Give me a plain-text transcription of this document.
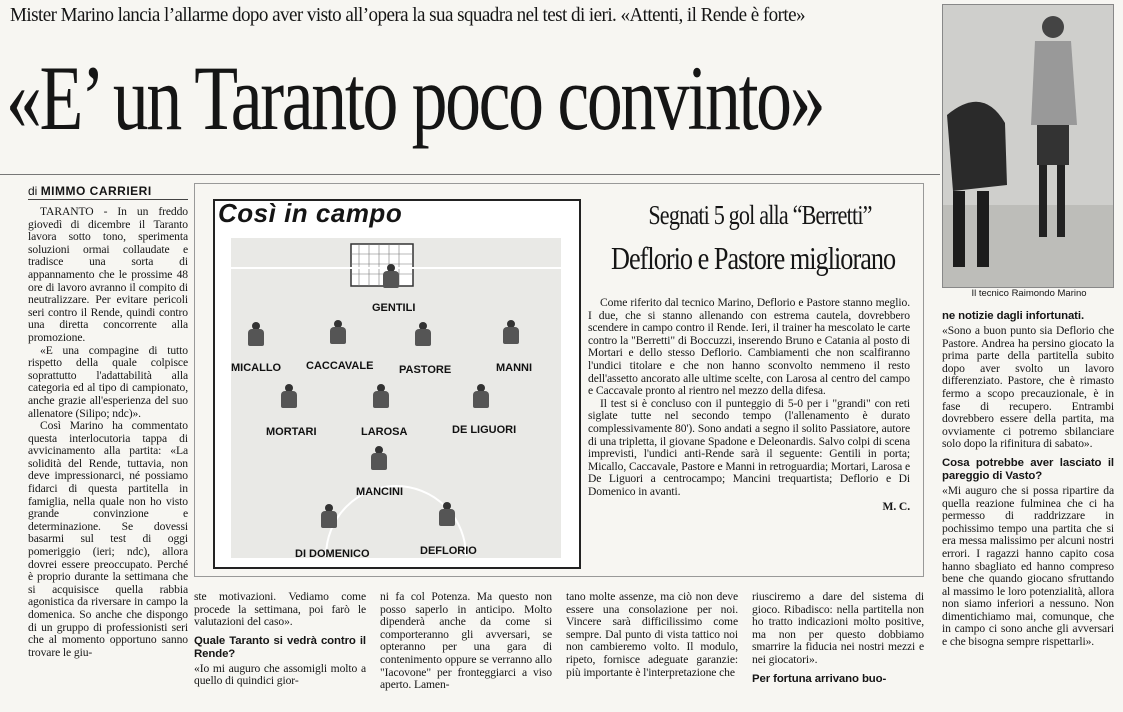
Mister Marino lancia l’allarme dopo aver visto all’opera la sua squadra nel test di ieri. «Attenti, il Rende è forte»
«E’ un Taranto poco convinto»
di MIMMO CARRIERI

TARANTO - In un freddo giovedì di dicembre il Taranto lavora sotto tono, sperimenta soluzioni ormai collaudate e tradisce una sorta di appannamento che le prossime 48 ore di lavoro avranno il compito di neutralizzare. Per evitare pericoli seri contro il Rende, quindi contro una diretta concorrente alla promozione.

«E una compagine di tutto rispetto della quale colpisce soprattutto l'adattabilità alla categoria ed al tipo di campionato, anche grazie all'esperienza del suo allenatore (Silipo; ndc)».

Così Marino ha commentato questa interlocutoria tappa di avvicinamento alla partita: «La solidità del Rende, tuttavia, non deve impressionarci, né possiamo fidarci di questa partitella in famiglia, nella quale non ho visto grande convinzione e determinazione. Se dovessi basarmi sul test di oggi pomeriggio (ieri; ndc), allora dovrei essere preoccupato. Perché è proprio durante la settimana che si acquisisce quella rabbia agonistica da riversare in campo la domenica. So anche che dispongo di un gruppo di professionisti seri che al momento opportuno sanno trovare le giu-

Così in campo
GENTILI
MICALLO CACCAVALE PASTORE	MANNI
MORTARI	LAROSA	DE LIGUORI
MANCINI
DI DOMENICO	DEFLORIO
Segnati 5 gol alla “Berretti”
Deflorio e Pastore migliorano

Come riferito dal tecnico Marino, Deflorio e Pastore stanno meglio. I due, che si stanno allenando con estrema cautela, dovrebbero scendere in campo contro il Rende. Ieri, il trainer ha mescolato le carte contro la "Berretti" di Boccuzzi, inserendo Bruno e Catania al posto di Mortari e dello stesso Deflorio. Cambiamenti che non scalfiranno l'undici titolare e che non hanno sconvolto nemmeno il resto dell'assetto ancorato alle ultime scelte, con Larosa al centro del campo e Caccavale pronto al rientro nel mezzo della difesa.

Il test si è concluso con il punteggio di 5-0 per i "grandi" con reti siglate tutte nel secondo tempo (l'allenamento è durato complessivamente 80'). Sono andati a segno il solito Passiatore, autore di una tripletta, il giovane Spadone e Deleonardis. Salvo colpi di scena imprevisti, l'undici anti-Rende sarà il seguente: Gentili in porta; Micallo, Caccavale, Pastore e Manni in retroguardia; Mortari, Larosa e De Liguori a centrocampo; Mancini trequartista; Deflorio e Di Domenico in avanti.

M. C.

ste motivazioni. Vediamo come procede la settimana, poi farò le valutazioni del caso».

Quale Taranto si vedrà contro il Rende?

«Io mi auguro che assomigli molto a quello di quindici gior-

ni fa col Potenza. Ma questo non posso saperlo in anticipo. Molto dipenderà anche da come si comporteranno gli avversari, se opteranno per una gara di contenimento oppure se verranno allo "Iacovone" per fronteggiarci a viso aperto. Lamen-

tano molte assenze, ma ciò non deve essere una consolazione per noi. Vincere sarà difficilissimo come sempre. Dal punto di vista tattico noi non cambieremo volto. Il modulo, ripeto, fornisce adeguate garanzie: più importante è l'interpretazione che

riusciremo a dare del sistema di gioco. Ribadisco: nella partitella non ho tratto indicazioni molto positive, ma non per questo dobbiamo smarrire la fiducia nei nostri mezzi e nei giocatori».

Per fortuna arrivano buo-

Il tecnico Raimondo Marino

ne notizie dagli infortunati.

«Sono a buon punto sia Deflorio che Pastore. Andrea ha persino giocato la prima parte della partitella subito dopo aver svolto un lavoro differenziato. Pastore, che è rimasto fermo a scopo precauzionale, è in fase di recupero. Entrambi dovrebbero essere della partita, ma ovviamente ci potremo sbilanciare solo dopo la rifinitura di sabato».

Cosa potrebbe aver lasciato il pareggio di Vasto?

«Mi auguro che si possa ripartire da quella reazione fulminea che ci ha permesso di raddrizzare in pochissimo tempo una partita che si era messa malissimo per alcuni nostri errori. I ragazzi hanno capito cosa hanno sbagliato ed hanno compreso bene che quando giocano sfruttando al massimo le loro potenzialità, allora non siamo inferiori a nessuno. Non dimentichiamo mai, comunque, che in campo ci sono anche gli avversari e che bisogna sempre rispettarli».
